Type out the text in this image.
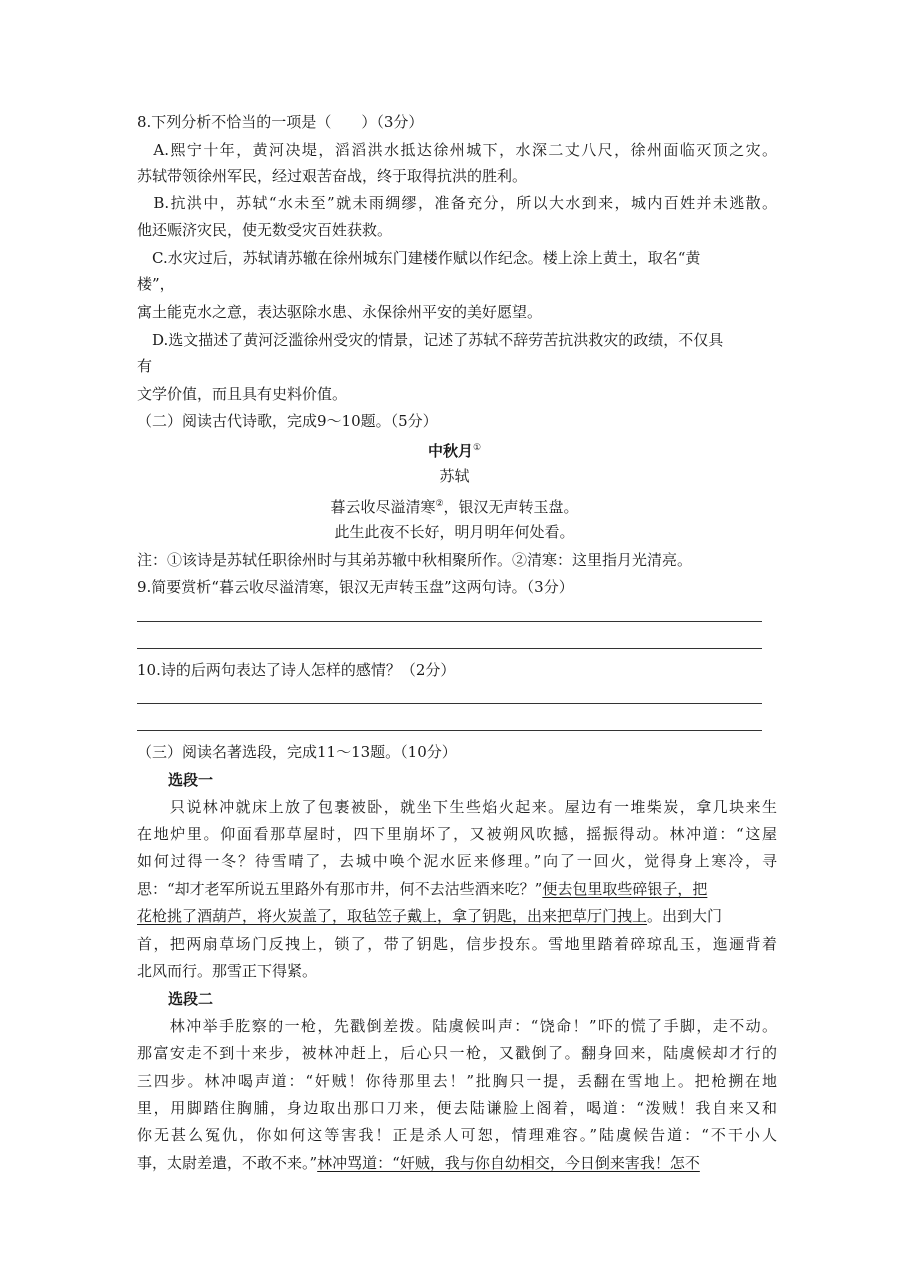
8.下列分析不恰当的一项是（　　）（3分）
　A.熙宁十年，黄河决堤，滔滔洪水抵达徐州城下，水深二丈八尺，徐州面临灭顶之灾。
苏轼带领徐州军民，经过艰苦奋战，终于取得抗洪的胜利。
　B.抗洪中，苏轼“水未至”就未雨绸缪，准备充分，所以大水到来，城内百姓并未逃散。
他还赈济灾民，使无数受灾百姓获救。
　C.水灾过后，苏轼请苏辙在徐州城东门建楼作赋以作纪念。楼上涂上黄土，取名“黄
楼”，
寓土能克水之意，表达驱除水患、永保徐州平安的美好愿望。
　D.选文描述了黄河泛滥徐州受灾的情景，记述了苏轼不辞劳苦抗洪救灾的政绩，不仅具
有
文学价值，而且具有史料价值。
（二）阅读古代诗歌，完成9～10题。（5分）
中秋月①
苏轼
暮云收尽溢清寒②，银汉无声转玉盘。
此生此夜不长好，明月明年何处看。
注：①该诗是苏轼任职徐州时与其弟苏辙中秋相聚所作。②清寒：这里指月光清亮。
9.简要赏析“暮云收尽溢清寒，银汉无声转玉盘”这两句诗。（3分）
10.诗的后两句表达了诗人怎样的感情？（2分）
（三）阅读名著选段，完成11～13题。（10分）
选段一
　　只说林冲就床上放了包裹被卧，就坐下生些焰火起来。屋边有一堆柴炭，拿几块来生
在地炉里。仰面看那草屋时，四下里崩坏了，又被朔风吹撼，摇振得动。林冲道：“这屋
如何过得一冬？待雪晴了，去城中唤个泥水匠来修理。”向了一回火，觉得身上寒冷，寻
思：“却才老军所说五里路外有那市井，何不去沽些酒来吃？”便去包里取些碎银子，把
花枪挑了酒葫芦，将火炭盖了，取毡笠子戴上，拿了钥匙，出来把草厅门拽上。出到大门
首，把两扇草场门反拽上，锁了，带了钥匙，信步投东。雪地里踏着碎琼乱玉，迤逦背着
北风而行。那雪正下得紧。
选段二
　　林冲举手肐察的一枪，先戳倒差拨。陆虞候叫声：“饶命！”吓的慌了手脚，走不动。
那富安走不到十来步，被林冲赶上，后心只一枪，又戳倒了。翻身回来，陆虞候却才行的
三四步。林冲喝声道：“奸贼！你待那里去！”批胸只一提，丢翻在雪地上。把枪搠在地
里，用脚踏住胸脯，身边取出那口刀来，便去陆谦脸上阁着，喝道：“泼贼！我自来又和
你无甚么冤仇，你如何这等害我！正是杀人可恕，情理难容。”陆虞候告道：“不干小人
事，太尉差遣，不敢不来。”林冲骂道：“奸贼，我与你自幼相交，今日倒来害我！怎不
